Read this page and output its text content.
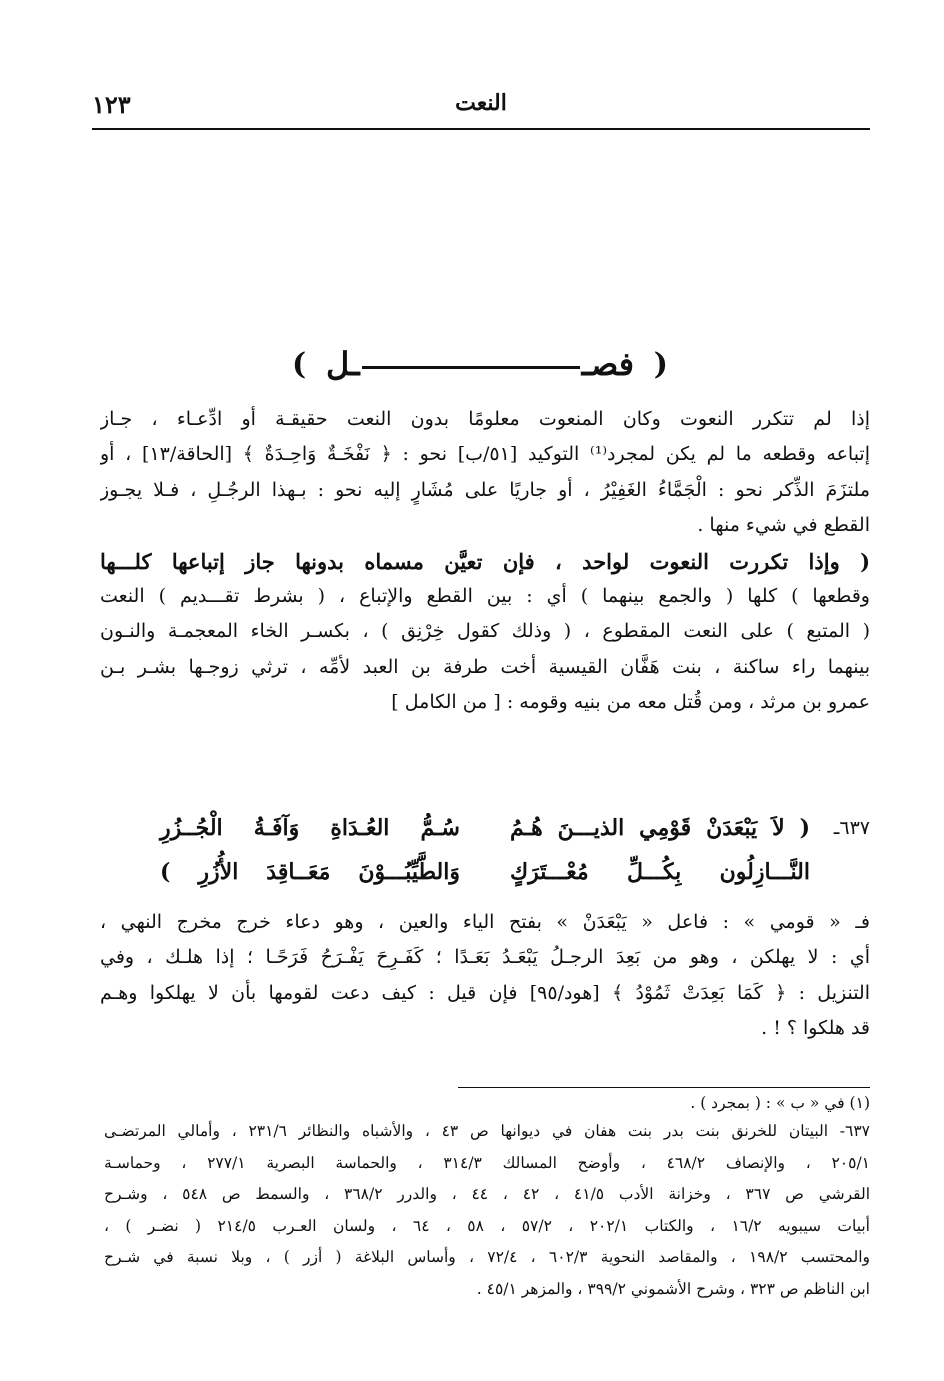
النعت
١٢٣
(
فصـ
ـل
)
إذا لم تتكرر النعوت وكان المنعوت معلومًا بدون النعت حقيقـة أو ادِّعـاء ، جـاز
إتباعه وقطعه ما لم يكن لمجرد⁽¹⁾ التوكيد [٥١/ب] نحو : ﴿ نَفْخَـةٌ وَاحِـدَةٌ ﴾ [الحاقة/١٣] ، أو
ملتزَمَ الذِّكر نحو : الْجَمَّاءُ الغَفِيْرُ ، أو جاريًا على مُشَارٍ إليه نحو : بـهذا الرجُـلِ ، فـلا يجـوز
القطع في شيء منها .
( وإذا تكررت النعوت لواحد ، فإن تعيَّن مسماه بدونها جاز إتباعها كلـــها
وقطعها ) كلها ( والجمع بينهما ) أي : بين القطع والإتباع ، ( بشرط تقـــديم ) النعت
( المتبع ) على النعت المقطوع ، ( وذلك كقول خِرْنِق ) ، بكسـر الخاء المعجمـة والنـون
بينهما راء ساكنة ، بنت هَفَّان القيسية أخت طرفة بن العبد لأمِّه ، ترثي زوجـها بشـر بـن
عمرو بن مرثد ، ومن قُتل معه من بنيه وقومه : [ من الكامل ]
٦٣٧ـ
( لاَ يَبْعَدَنْ قَوْمِي الذيـــنَ هُـمُ
سُـمُّ العُـدَاةِ وَآفَـةُ الْجُــزُرِ
النَّـــازِلُون بِكُـــلِّ مُعْـــتَرَكٍ
وَالطَّيِّبُـــوْنَ مَعَــاقِدَ الأُزُرِ )
فـ « قومي » : فاعل « يَبْعَدَنْ » بفتح الياء والعين ، وهو دعاء خرج مخرج النهي ،
أي : لا يهلكن ، وهو من بَعِدَ الرجـلُ يَبْعَـدُ بَعَـدًا ؛ كَفَـرِحَ يَفْـرَحُ فَرَحًـا ؛ إذا هلـك ، وفي
التنزيل : ﴿ كَمَا بَعِدَتْ ثَمُوْدُ ﴾ [هود/٩٥] فإن قيل : كيف دعت لقومها بأن لا يهلكوا وهـم
قد هلكوا ؟ ! .
(١) في « ب » : ( بمجرد ) .
٦٣٧- البيتان للخرنق بنت بدر بنت هفان في ديوانها ص ٤٣ ، والأشباه والنظائر ٢٣١/٦ ، وأمالي المرتضـى
٢٠٥/١ ، والإنصاف ٤٦٨/٢ ، وأوضح المسالك ٣١٤/٣ ، والحماسة البصرية ٢٧٧/١ ، وحماسـة
القرشي ص ٣٦٧ ، وخزانة الأدب ٤١/٥ ، ٤٢ ، ٤٤ ، والدرر ٣٦٨/٢ ، والسمط ص ٥٤٨ ، وشـرح
أبيات سيبويه ١٦/٢ ، والكتاب ٢٠٢/١ ، ٥٧/٢ ، ٥٨ ، ٦٤ ، ولسان العـرب ٢١٤/٥ ( نضـر ) ،
والمحتسب ١٩٨/٢ ، والمقاصد النحوية ٦٠٢/٣ ، ٧٢/٤ ، وأساس البلاغة ( أزر ) ، وبلا نسبة في شـرح
ابن الناظم ص ٣٢٣ ، وشرح الأشموني ٣٩٩/٢ ، والمزهر ٤٥/١ .
